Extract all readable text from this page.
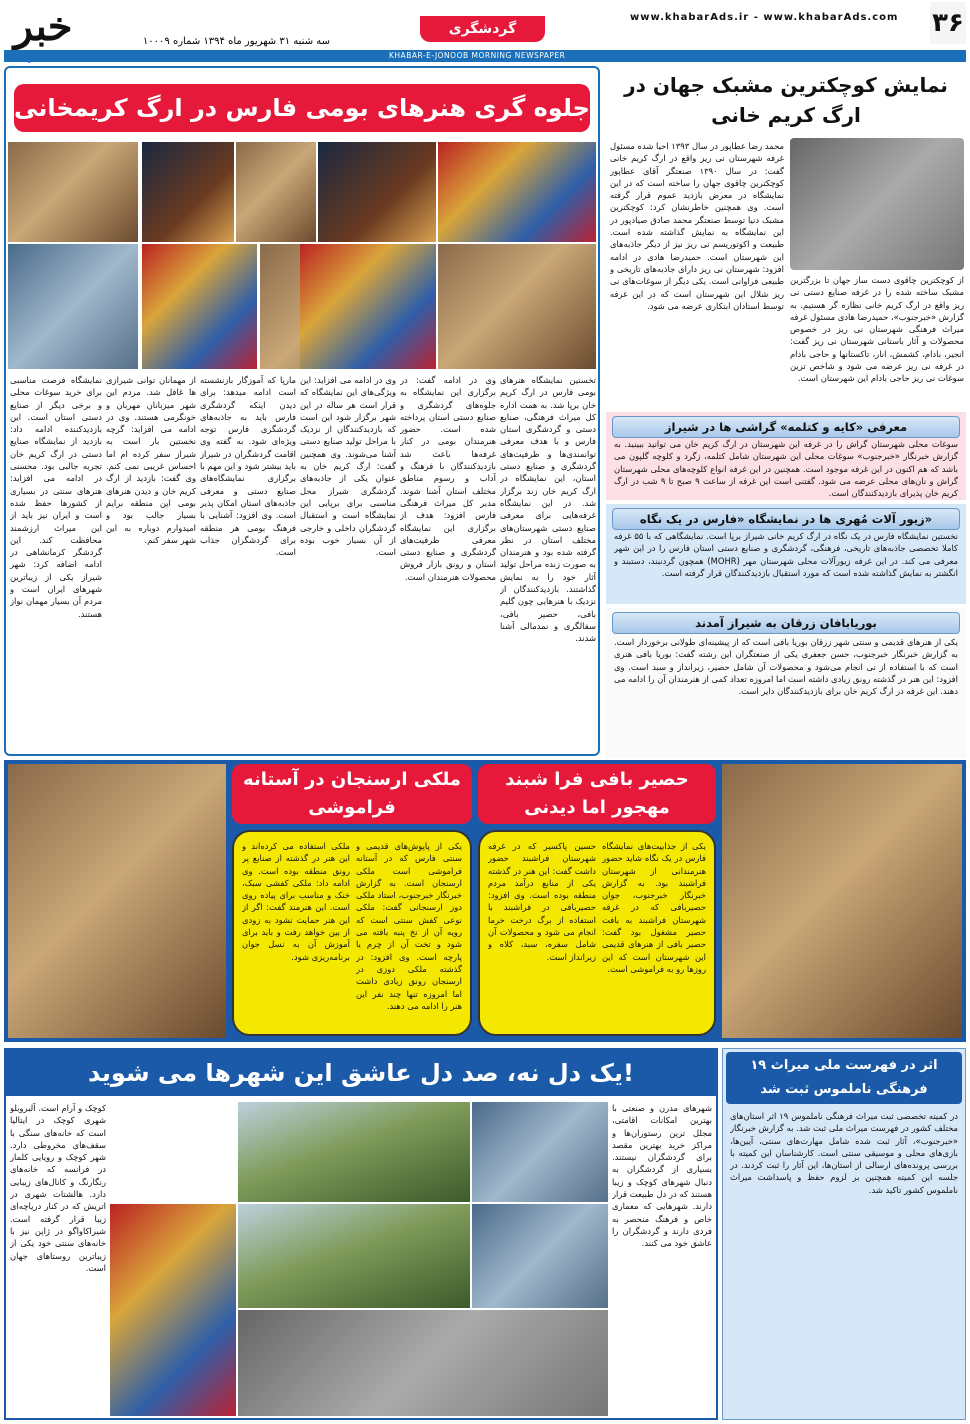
۳۶
www.khabarAds.ir - www.khabarAds.com
گردشگری
سه شنبه ۳۱ شهریور ماه ۱۳۹۴ شماره ۱۰۰۰۹
خبر
KHABAR-E-JONOOB MORNING NEWSPAPER
جلوه گری هنرهای بومی فارس در ارگ کریمخانی
تخستین نمایشگاه هنرهای بومی فارس در ارگ کریم خان برپا شد. به همت اداره کل میراث فرهنگی، صنایع دستی و گردشگری استان فارس و با هدف معرفی توانمندی‌ها و ظرفیت‌های گردشگری و صنایع دستی استان، این نمایشگاه در ارگ کریم خان زند برگزار شد. در این نمایشگاه غرفه‌هایی برای معرفی صنایع دستی شهرستان‌های مختلف استان در نظر گرفته شده بود و هنرمندان به صورت زنده مراحل تولید آثار خود را به نمایش گذاشتند. بازدیدکنندگان از نزدیک با هنرهایی چون گلیم بافی، حصیر بافی، سفالگری و نمدمالی آشنا شدند.
وی در ادامه گفت: در برگزاری این نمایشگاه به جلوه‌های گردشگری و صنایع دستی استان پرداخته شده است. حضور هنرمندان بومی در کنار غرفه‌ها باعث شد بازدیدکنندگان با فرهنگ و آداب و رسوم مناطق مختلف استان آشنا شوند. مدیر کل میراث فرهنگی فارس افزود: هدف از برگزاری این نمایشگاه معرفی ظرفیت‌های گردشگری و صنایع دستی استان و رونق بازار فروش محصولات هنرمندان است.
وی در ادامه می افزاید: این ویژگی‌های این نمایشگاه که قرار است هر ساله در این شهر برگزار شود این است که بازدیدکنندگان از نزدیک با مراحل تولید صنایع دستی آشنا می‌شوند. وی همچنین گفت: ارگ کریم خان به عنوان یکی از جاذبه‌های گردشگری شیراز محل مناسبی برای برپایی این نمایشگاه است و استقبال گردشگران داخلی و خارجی از آن بسیار خوب بوده است.
مارپا که آموزگار بازنشسته است ادامه میدهد: برای دیدن اینکه گردشگری فارس باید به جاذبه‌های گردشگری فارس توجه ویژه‌ای شود. به گفته وی اقامت گردشگران در شیراز باید بیشتر شود و این مهم با برگزاری نمایشگاه‌های صنایع دستی و معرفی جاذبه‌های استان امکان پذیر است. وی افزود: آشنایی با فرهنگ بومی هر منطقه برای گردشگران جذاب است.
از مهمانان توانی شیرازی ها غافل شد. مردم این شهر میزبانان مهربان و خونگرمی هستند. وی در ادامه می افزاید: گرچه نخستین بار است به شیراز سفر کرده ام اما احساس غریبی نمی کنم. وی گفت: بازدید از ارگ کریم خان و دیدن هنرهای بومی این منطقه برایم بسیار جالب بود و امیدوارم دوباره به این شهر سفر کنم.
نمایشگاه فرصت مناسبی برای خرید سوغات محلی و برخی دیگر از صنایع دستی استان است. این بازدیدکننده ادامه داد: بازدید از نمایشگاه صنایع دستی در ارگ کریم خان تجربه جالبی بود. محسنی در ادامه می افزاید: هنرهای سنتی در بسیاری از کشورها حفظ شده است و ایران نیز باید از این میراث ارزشمند محافظت کند. این گردشگر کرمانشاهی در ادامه اضافه کرد: شهر شیراز یکی از زیباترین شهرهای ایران است و مردم آن بسیار مهمان نواز هستند.
نمایش کوچکترین مشبک جهان در ارگ کریم خانی
از کوچکترین چاقوی دست ساز جهان تا بزرگترین مشبک ساخته شده را در غرفه صنایع دستی نی ریز واقع در ارگ کریم خانی نظاره گر هستیم. به گزارش «خبرجنوب»، حمیدرضا هادی مسئول غرفه میراث فرهنگی شهرستان نی ریز در خصوص محصولات و آثار باستانی شهرستان نی ریز گفت: انجیر، بادام، کشمش، انار، تاکستانها و حاجی بادام در غرفه نی ریز عرضه می شود و شاخص ترین سوغات نی ریز حاجی بادام این شهرستان است.
محمد رضا عطاپور در سال ۱۳۹۳ احیا شده مسئول غرفه شهرستان نی ریز واقع در ارگ کریم خانی گفت: در سال ۱۳۹۰ صنعتگر آقای عطاپور کوچکترین چاقوی جهان را ساخته است که در این نمایشگاه در معرض بازدید عموم قرار گرفته است. وی همچنین خاطرنشان کرد: کوچکترین مشبک دنیا توسط صنعتگر محمد صادق صیادپور در این نمایشگاه به نمایش گذاشته شده است. طبیعت و اکوتوریسم نی ریز نیز از دیگر جاذبه‌های این شهرستان است. حمیدرضا هادی در ادامه افزود: شهرستان نی ریز دارای جاذبه‌های تاریخی و طبیعی فراوانی است. یکی دیگر از سوغات‌های نی ریز شلال این شهرستان است که در این غرفه توسط استادان ابتکاری عرضه می شود.
معرفی «کایه و کتلمه» گراشی ها در شیراز
سوغات محلی شهرستان گراش را در غرفه این شهرستان در ارگ کریم خان می توانید ببینید. به گزارش خبرنگار «خبرجنوب» سوغات محلی این شهرستان شامل کتلمه، زگرد و کلوچه گلپون می باشد که هم اکنون در این غرفه موجود است. همچنین در این غرفه انواع کلوچه‌های محلی شهرستان گراش و نان‌های محلی عرضه می شود. گفتنی است این غرفه از ساعت ۹ صبح تا ۹ شب در ارگ کریم خان پذیرای بازدیدکنندگان است.
زیور آلات مُهری ها در نمایشگاه «فارس در یک نگاه»
نخستین نمایشگاه فارس در یک نگاه در ارگ کریم خانی شیراز برپا است. نمایشگاهی که با ۵۵ غرفه کاملا تخصصی جاذبه‌های تاریخی، فرهنگی، گردشگری و صنایع دستی استان فارس را در این شهر معرفی می کند. در این غرفه زیورآلات محلی شهرستان مهر (MOHR) همچون گردنبند، دستبند و انگشتر به نمایش گذاشته شده است که مورد استقبال بازدیدکنندگان قرار گرفته است.
بوریابافان زرقان به شیراز آمدند
یکی از هنرهای قدیمی و سنتی شهر زرقان بوریا بافی است که از پیشینه‌ای طولانی برخوردار است. به گزارش خبرنگار خبرجنوب، حسن جعفری یکی از صنعتگران این رشته گفت: بوریا بافی هنری است که با استفاده از نی انجام می‌شود و محصولات آن شامل حصیر، زیرانداز و سبد است. وی افزود: این هنر در گذشته رونق زیادی داشته است اما امروزه تعداد کمی از هنرمندان آن را ادامه می دهند. این غرفه در ارگ کریم خان برای بازدیدکنندگان دایر است.
ملکی ارسنجان در آستانه فراموشی
یکی از پاپوش‌های قدیمی و سنتی فارس که در آستانه فراموشی است ملکی ارسنجان است. به گزارش خبرنگار خبرجنوب، استاد ملکی دوز ارسنجانی گفت: ملکی نوعی کفش سنتی است که رویه آن از نخ پنبه بافته می شود و تخت آن از چرم یا پارچه است. وی افزود: در گذشته ملکی دوزی در ارسنجان رونق زیادی داشت اما امروزه تنها چند نفر این هنر را ادامه می دهند.
ملکی استفاده می کرده‌اند و این هنر در گذشته از صنایع پر رونق منطقه بوده است. وی ادامه داد: ملکی کفشی سبک، خنک و مناسب برای پیاده روی است. این هنرمند گفت: اگر از این هنر حمایت نشود به زودی از بین خواهد رفت و باید برای آموزش آن به نسل جوان برنامه‌ریزی شود.
حصیر بافی فرا شبند مهجور اما دیدنی
یکی از جذابیت‌های نمایشگاه فارس در یک نگاه شاید حضور هنرمندانی از شهرستان فراشبند بود. به گزارش خبرنگار خبرجنوب، جوان حصیربافی که در غرفه شهرستان فراشبند به بافت حصیر مشغول بود گفت: حصیر بافی از هنرهای قدیمی این شهرستان است که این روزها رو به فراموشی است.
حسین پاکسیر که در غرفه شهرستان فراشبند حضور داشت گفت: این هنر در گذشته یکی از منابع درآمد مردم منطقه بوده است. وی افزود: حصیربافی در فراشبند با استفاده از برگ درخت خرما انجام می شود و محصولات آن شامل سفره، سبد، کلاه و زیرانداز است.
یک دل نه، صد دل عاشق این شهرها می شوید!
شهرهای مدرن و صنعتی با بهترین امکانات اقامتی، مجلل ترین رستوران‌ها و مراکز خرید بهترین مقصد برای گردشگران نیستند. بسیاری از گردشگران به دنبال شهرهای کوچک و زیبا هستند که در دل طبیعت قرار دارند. شهرهایی که معماری خاص و فرهنگ منحصر به فردی دارند و گردشگران را عاشق خود می کنند.
کوچک و آرام است. آلبروبلو شهری کوچک در ایتالیا است که خانه‌های سنگی با سقف‌های مخروطی دارد. شهر کوچک و رویایی کلمار در فرانسه که خانه‌های رنگارنگ و کانال‌های زیبایی دارد. هالشتات شهری در اتریش که در کنار دریاچه‌ای زیبا قرار گرفته است. شیراکاواگو در ژاپن نیز با خانه‌های سنتی خود یکی از زیباترین روستاهای جهان است.
۱۹ اثر در فهرست ملی میراث فرهنگی ناملموس ثبت شد
در کمیته تخصصی ثبت میراث فرهنگی ناملموس ۱۹ اثر استان‌های مختلف کشور در فهرست میراث ملی ثبت شد. به گزارش خبرنگار «خبرجنوب»، آثار ثبت شده شامل مهارت‌های سنتی، آیین‌ها، بازی‌های محلی و موسیقی سنتی است. کارشناسان این کمیته با بررسی پرونده‌های ارسالی از استان‌ها، این آثار را ثبت کردند. در جلسه این کمیته همچنین بر لزوم حفظ و پاسداشت میراث ناملموس کشور تاکید شد.
